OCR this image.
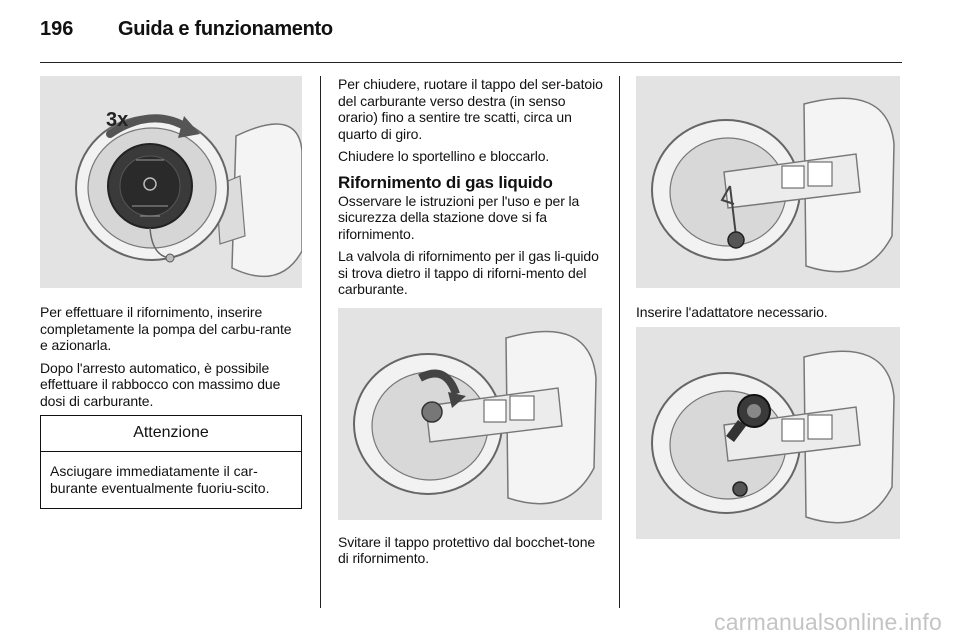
196 Guida e funzionamento
3x

Per effettuare il rifornimento, inserire completamente la pompa del carbu-rante e azionarla.

Dopo l'arresto automatico, è possibile effettuare il rabbocco con massimo due dosi di carburante.

Attenzione
Asciugare immediatamente il car-burante eventualmente fuoriu-scito.

Per chiudere, ruotare il tappo del ser-batoio del carburante verso destra (in senso orario) fino a sentire tre scatti, circa un quarto di giro.

Chiudere lo sportellino e bloccarlo.

Rifornimento di gas liquido

Osservare le istruzioni per l'uso e per la sicurezza della stazione dove si fa rifornimento.

La valvola di rifornimento per il gas li-quido si trova dietro il tappo di riforni-mento del carburante.

Svitare il tappo protettivo dal bocchet-tone di rifornimento.

Inserire l'adattatore necessario.

carmanualsonline.info
